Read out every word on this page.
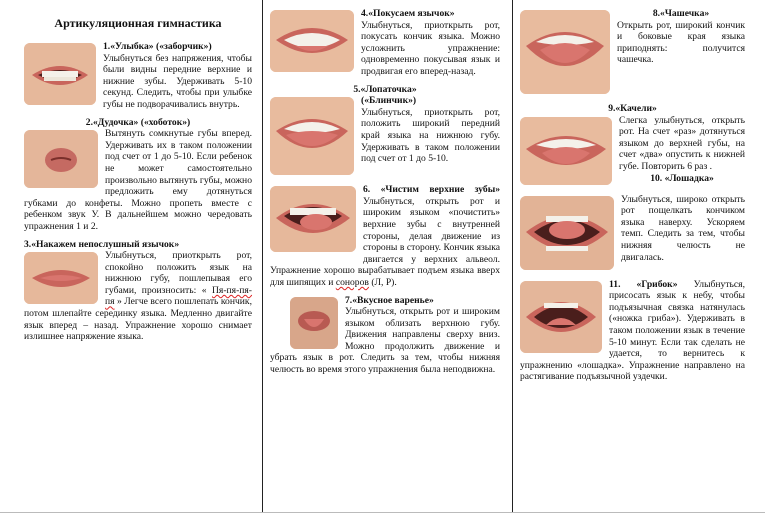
Артикуляционная гимнастика
1.«Улыбка» («заборчик»)
Улыбнуться без напряжения, чтобы были видны передние верхние и нижние зубы. Удерживать 5-10 секунд. Следить, чтобы при улыбке губы не подворачивались внутрь.
2.«Дудочка» («хоботок»)
Вытянуть сомкнутые губы вперед. Удерживать их в таком положении под счет от 1 до 5-10. Если ребенок не может самостоятельно произвольно вытянуть губы, можно предложить ему дотянуться губками до конфеты. Можно пропеть вместе с ребенком звук У. В дальнейшем можно чередовать упражнения 1 и 2.
3.«Накажем непослушный язычок»

Улыбнуться, приоткрыть рот, спокойно положить язык на нижнюю губу, пошлепывая его губами, произносить: « Пя-пя-пя-пя » Легче всего пошлепать кончик, потом шлепайте серединку языка. Медленно двигайте язык вперед – назад. Упражнение хорошо снимает излишнее напряжение языка.
4.«Покусаем язычок»
Улыбнуться, приоткрыть рот, покусать кончик языка. Можно усложнить упражнение: одновременно покусывая язык и продвигая его вперед-назад.
5.«Лопаточка»
(«Блинчик»)
Улыбнуться, приоткрыть рот, положить широкий передний край языка на нижнюю губу. Удерживать в таком положении под счет от 1 до 5-10.
6. «Чистим верхние зубы» Улыбнуться, открыть рот и широким языком «почистить» верхние зубы с внутренней стороны, делая движение из стороны в сторону. Кончик языка двигается у верхних альвеол. Упражнение хорошо вырабатывает подъем языка вверх для шипящих и соноров (Л, Р).
7.«Вкусное варенье»
Улыбнуться, открыть рот и широким языком облизать верхнюю губу. Движения направлены сверху вниз. Можно продолжить движение и убрать язык в рот. Следить за тем, чтобы нижняя челюсть во время этого упражнения была неподвижна.
8.«Чашечка»
Открыть рот, широкий кончик и боковые края языка приподнять: получится чашечка.
9.«Качели»
Слегка улыбнуться, открыть рот. На счет «раз» дотянуться языком до верхней губы, на счет «два» опустить к нижней губе. Повторить 6 раз .

10. «Лошадка»
Улыбнуться, широко открыть рот пощелкать кончиком языка наверху. Ускоряем темп. Следить за тем, чтобы нижняя челюсть не двигалась.
11. «Грибок» Улыбнуться, присосать язык к небу, чтобы подъязычная связка натянулась («ножка гриба»). Удерживать в таком положении язык в течение 5-10 минут. Если так сделать не удается, то вернитесь к упражнению «лошадка». Упражнение направлено на растягивание подъязычной уздечки.
